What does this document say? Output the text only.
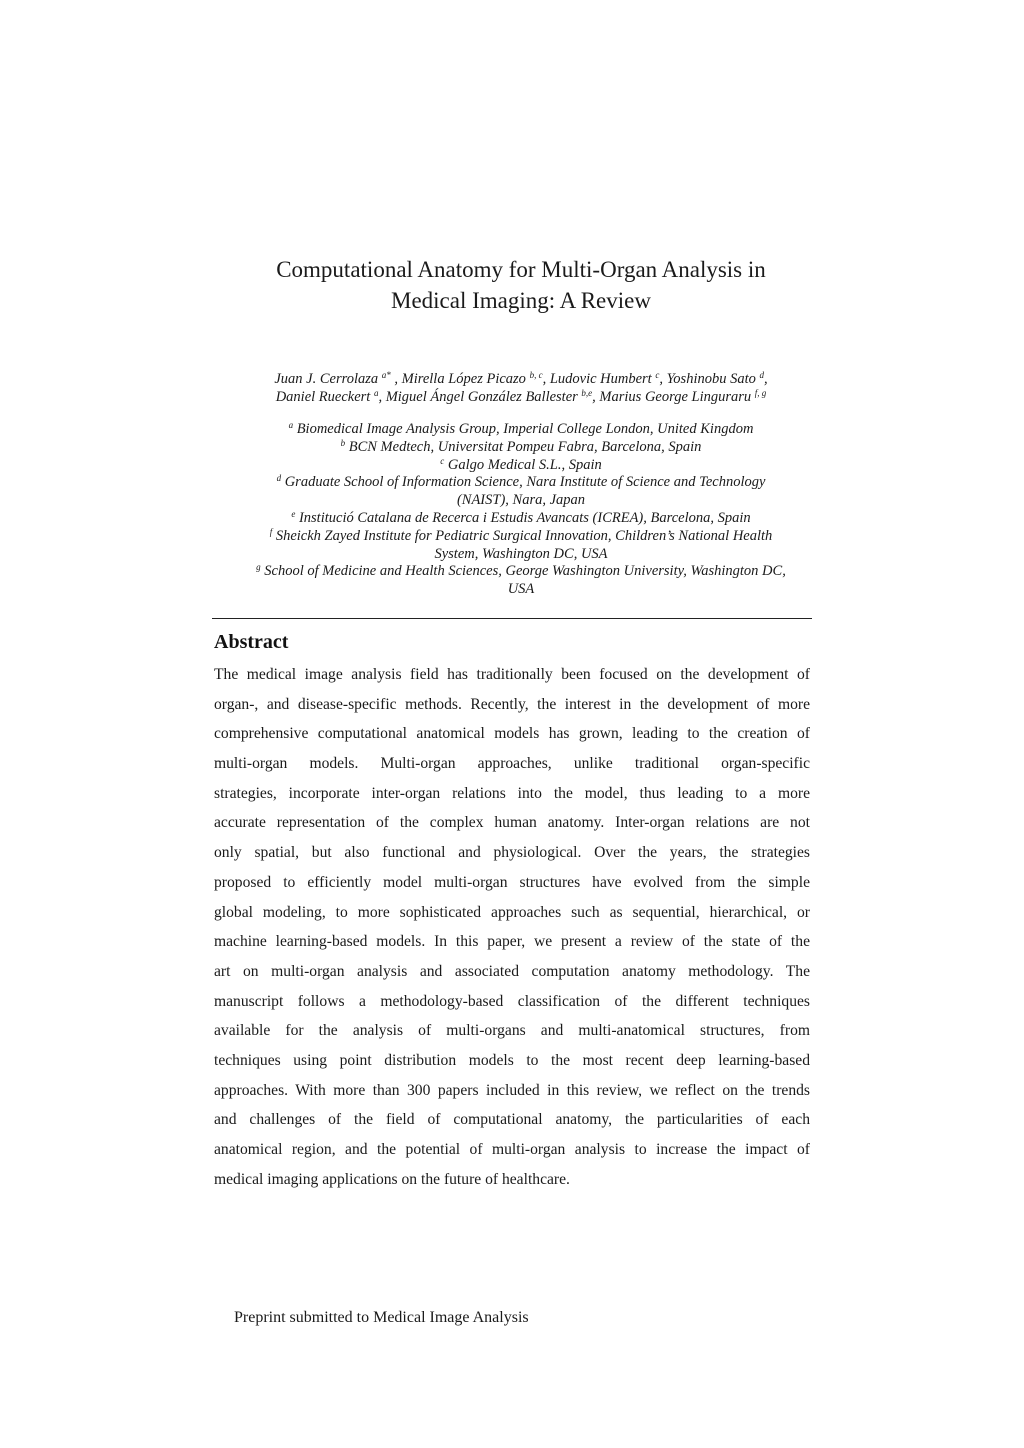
Computational Anatomy for Multi-Organ Analysis in
Medical Imaging: A Review
Juan J. Cerrolaza $^{a*}$ , Mirella López Picazo $^{b, c}$, Ludovic Humbert $^c$, Yoshinobu Sato $^d$,
Daniel Rueckert $^a$, Miguel Ángel González Ballester $^{b,e}$, Marius George Linguraru $^{f, g}$
$^a$ Biomedical Image Analysis Group, Imperial College London, United Kingdom
$^b$ BCN Medtech, Universitat Pompeu Fabra, Barcelona, Spain
$^c$ Galgo Medical S.L., Spain
$^d$ Graduate School of Information Science, Nara Institute of Science and Technology
(NAIST), Nara, Japan
$^e$ Institució Catalana de Recerca i Estudis Avancats (ICREA), Barcelona, Spain
$^f$ Sheickh Zayed Institute for Pediatric Surgical Innovation, Children’s National Health
System, Washington DC, USA
$^g$ School of Medicine and Health Sciences, George Washington University, Washington DC,
USA
Abstract
The medical image analysis field has traditionally been focused on the development of
organ-, and disease-specific methods. Recently, the interest in the development of more
comprehensive computational anatomical models has grown, leading to the creation of
multi-organ models. Multi-organ approaches, unlike traditional organ-specific
strategies, incorporate inter-organ relations into the model, thus leading to a more
accurate representation of the complex human anatomy. Inter-organ relations are not
only spatial, but also functional and physiological. Over the years, the strategies
proposed to efficiently model multi-organ structures have evolved from the simple
global modeling, to more sophisticated approaches such as sequential, hierarchical, or
machine learning-based models. In this paper, we present a review of the state of the
art on multi-organ analysis and associated computation anatomy methodology. The
manuscript follows a methodology-based classification of the different techniques
available for the analysis of multi-organs and multi-anatomical structures, from
techniques using point distribution models to the most recent deep learning-based
approaches. With more than 300 papers included in this review, we reflect on the trends
and challenges of the field of computational anatomy, the particularities of each
anatomical region, and the potential of multi-organ analysis to increase the impact of
medical imaging applications on the future of healthcare.
Preprint submitted to Medical Image Analysis
